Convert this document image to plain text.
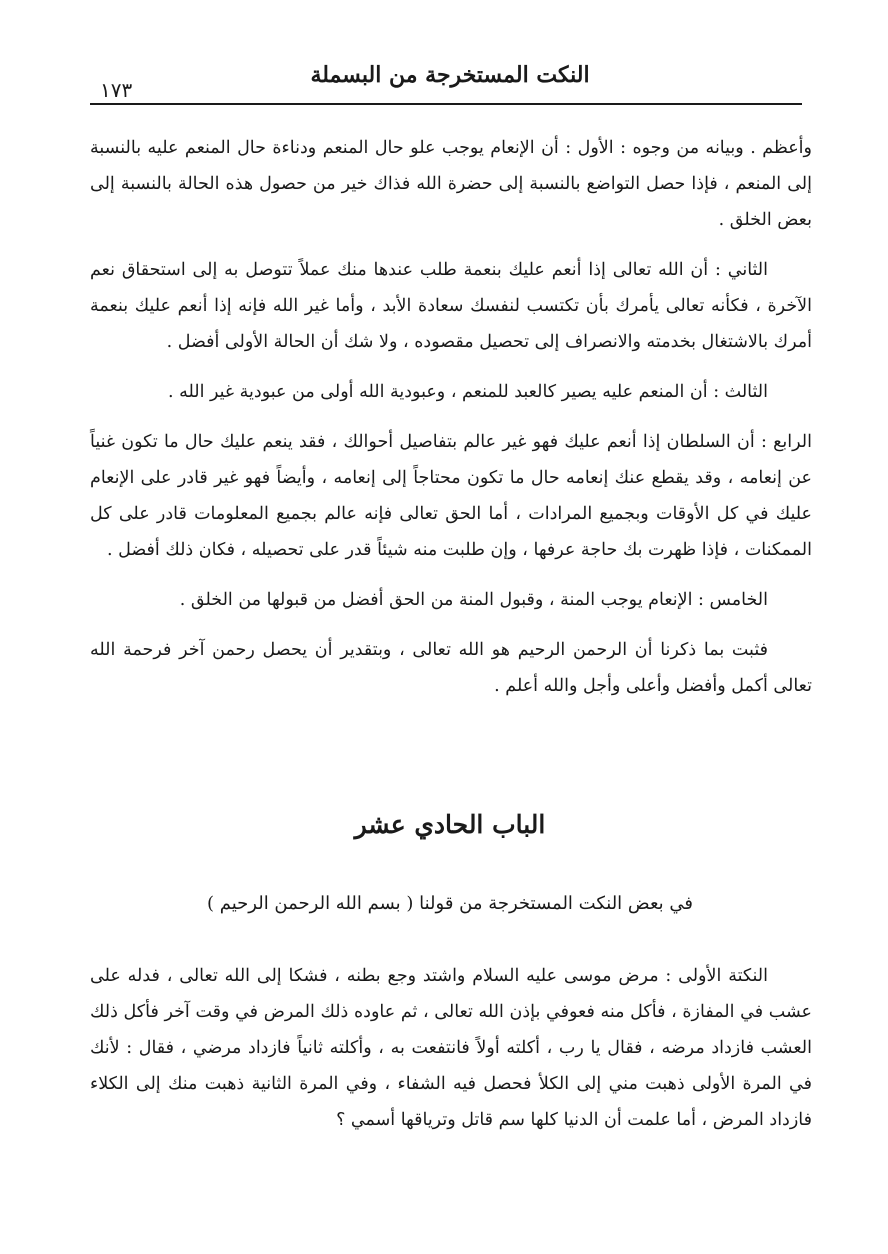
النكت المستخرجة من البسملة
١٧٣

وأعظم . وبيانه من وجوه : الأول : أن الإنعام يوجب علو حال المنعم ودناءة حال المنعم عليه بالنسبة إلى المنعم ، فإذا حصل التواضع بالنسبة إلى حضرة الله فذاك خير من حصول هذه الحالة بالنسبة إلى بعض الخلق .

الثاني : أن الله تعالى إذا أنعم عليك بنعمة طلب عندها منك عملاً تتوصل به إلى استحقاق نعم الآخرة ، فكأنه تعالى يأمرك بأن تكتسب لنفسك سعادة الأبد ، وأما غير الله فإنه إذا أنعم عليك بنعمة أمرك بالاشتغال بخدمته والانصراف إلى تحصيل مقصوده ، ولا شك أن الحالة الأولى أفضل .

الثالث : أن المنعم عليه يصير كالعبد للمنعم ، وعبودية الله أولى من عبودية غير الله .

الرابع : أن السلطان إذا أنعم عليك فهو غير عالم بتفاصيل أحوالك ، فقد ينعم عليك حال ما تكون غنياً عن إنعامه ، وقد يقطع عنك إنعامه حال ما تكون محتاجاً إلى إنعامه ، وأيضاً فهو غير قادر على الإنعام عليك في كل الأوقات وبجميع المرادات ، أما الحق تعالى فإنه عالم بجميع المعلومات قادر على كل الممكنات ، فإذا ظهرت بك حاجة عرفها ، وإن طلبت منه شيئاً قدر على تحصيله ، فكان ذلك أفضل .

الخامس : الإنعام يوجب المنة ، وقبول المنة من الحق أفضل من قبولها من الخلق .

فثبت بما ذكرنا أن الرحمن الرحيم هو الله تعالى ، وبتقدير أن يحصل رحمن آخر فرحمة الله تعالى أكمل وأفضل وأعلى وأجل والله أعلم .

الباب الحادي عشر
في بعض النكت المستخرجة من قولنا ( بسم الله الرحمن الرحيم )

النكتة الأولى : مرض موسى عليه السلام واشتد وجع بطنه ، فشكا إلى الله تعالى ، فدله على عشب في المفازة ، فأكل منه فعوفي بإذن الله تعالى ، ثم عاوده ذلك المرض في وقت آخر فأكل ذلك العشب فازداد مرضه ، فقال يا رب ، أكلته أولاً فانتفعت به ، وأكلته ثانياً فازداد مرضي ، فقال : لأنك في المرة الأولى ذهبت مني إلى الكلأ فحصل فيه الشفاء ، وفي المرة الثانية ذهبت منك إلى الكلاء فازداد المرض ، أما علمت أن الدنيا كلها سم قاتل وترياقها أسمي ؟
